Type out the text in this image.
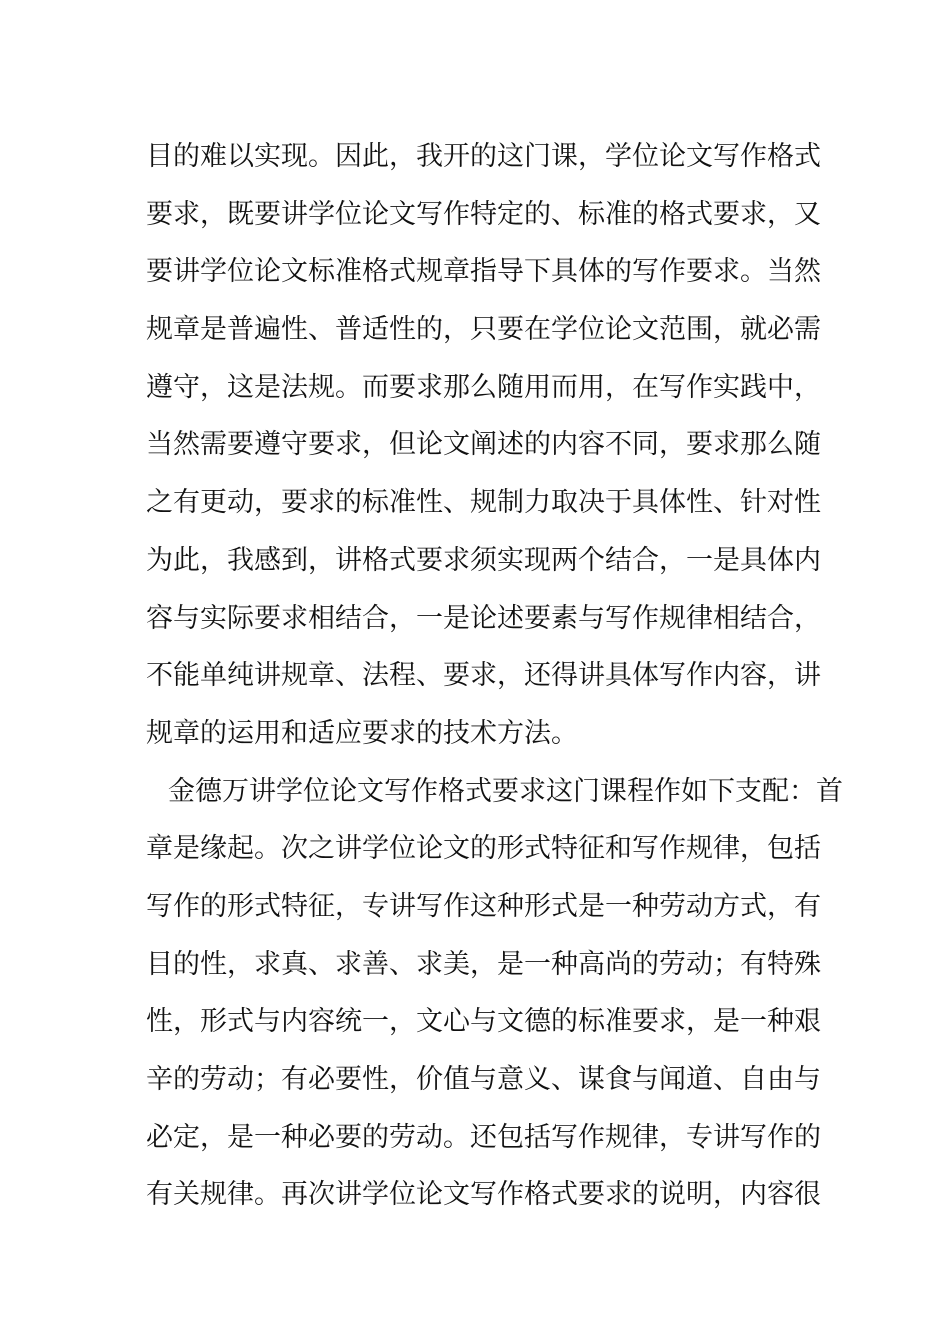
目的难以实现。因此，我开的这门课，学位论文写作格式
要求，既要讲学位论文写作特定的、标准的格式要求，又
要讲学位论文标准格式规章指导下具体的写作要求。当然
规章是普遍性、普适性的，只要在学位论文范围，就必需
遵守，这是法规。而要求那么随用而用，在写作实践中，
当然需要遵守要求，但论文阐述的内容不同，要求那么随
之有更动，要求的标准性、规制力取决于具体性、针对性
为此，我感到，讲格式要求须实现两个结合，一是具体内
容与实际要求相结合，一是论述要素与写作规律相结合，
不能单纯讲规章、法程、要求，还得讲具体写作内容，讲
规章的运用和适应要求的技术方法。
金德万讲学位论文写作格式要求这门课程作如下支配：首
章是缘起。次之讲学位论文的形式特征和写作规律，包括
写作的形式特征，专讲写作这种形式是一种劳动方式，有
目的性，求真、求善、求美，是一种高尚的劳动；有特殊
性，形式与内容统一，文心与文德的标准要求，是一种艰
辛的劳动；有必要性，价值与意义、谋食与闻道、自由与
必定，是一种必要的劳动。还包括写作规律，专讲写作的
有关规律。再次讲学位论文写作格式要求的说明，内容很
